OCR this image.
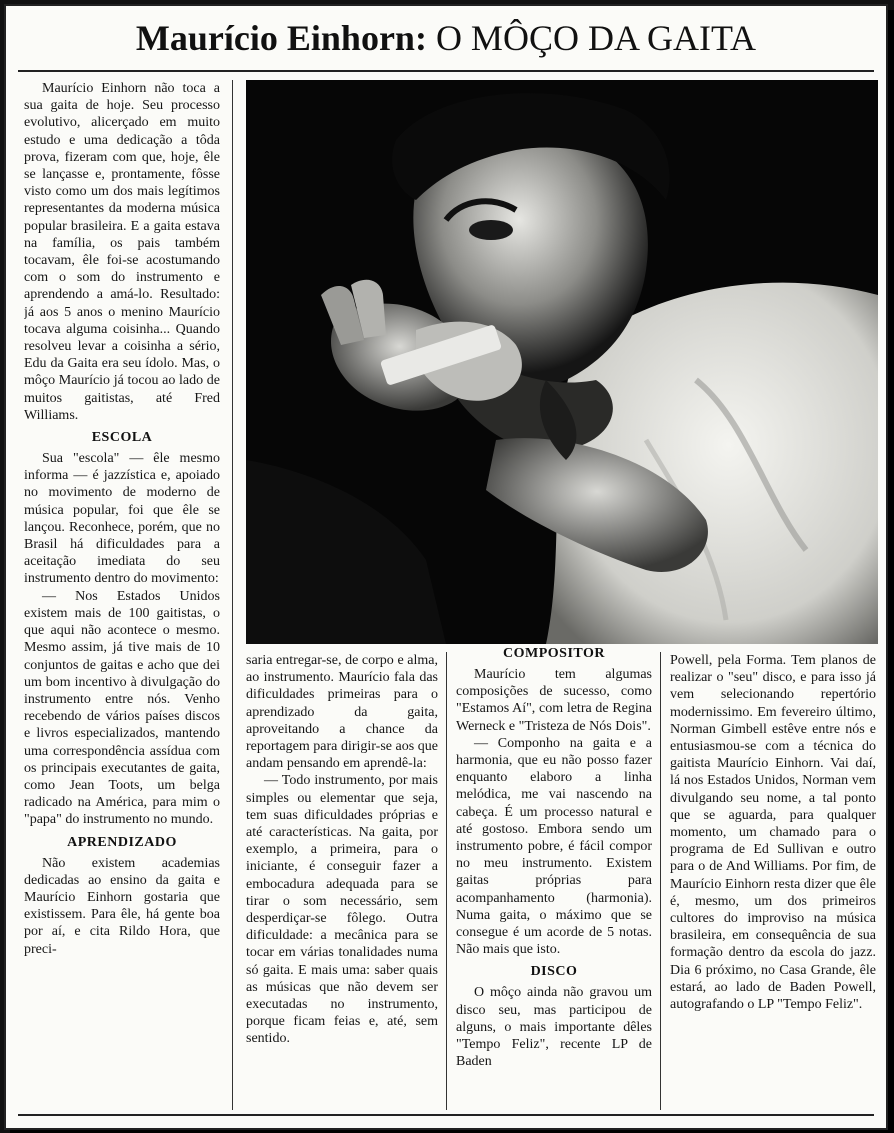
Maurício Einhorn: O MÔÇO DA GAITA

Maurício Einhorn não toca a sua gaita de hoje. Seu processo evolutivo, alicerçado em muito estudo e uma dedicação a tôda prova, fizeram com que, hoje, êle se lançasse e, prontamente, fôsse visto como um dos mais legítimos representantes da moderna música popular brasileira. E a gaita estava na família, os pais também tocavam, êle foi-se acostumando com o som do instrumento e aprendendo a amá-lo. Resultado: já aos 5 anos o menino Maurício tocava alguma coisinha... Quando resolveu levar a coisinha a sério, Edu da Gaita era seu ídolo. Mas, o môço Maurício já tocou ao lado de muitos gaitistas, até Fred Williams.

ESCOLA

Sua "escola" — êle mesmo informa — é jazzística e, apoiado no movimento de moderno de música popular, foi que êle se lançou. Reconhece, porém, que no Brasil há dificuldades para a aceitação imediata do seu instrumento dentro do movimento:

— Nos Estados Unidos existem mais de 100 gaitistas, o que aqui não acontece o mesmo. Mesmo assim, já tive mais de 10 conjuntos de gaitas e acho que dei um bom incentivo à divulgação do instrumento entre nós. Venho recebendo de vários países discos e livros especializados, mantendo uma correspondência assídua com os principais executantes de gaita, como Jean Toots, um belga radicado na América, para mim o "papa" do instrumento no mundo.

APRENDIZADO

Não existem academias dedicadas ao ensino da gaita e Maurício Einhorn gostaria que existissem. Para êle, há gente boa por aí, e cita Rildo Hora, que preci-

saria entregar-se, de corpo e alma, ao instrumento. Maurício fala das dificuldades primeiras para o aprendizado da gaita, aproveitando a chance da reportagem para dirigir-se aos que andam pensando em aprendê-la:

— Todo instrumento, por mais simples ou elementar que seja, tem suas dificuldades próprias e até características. Na gaita, por exemplo, a primeira, para o iniciante, é conseguir fazer a embocadura adequada para se tirar o som necessário, sem desperdiçar-se fôlego. Outra dificuldade: a mecânica para se tocar em várias tonalidades numa só gaita. E mais uma: saber quais as músicas que não devem ser executadas no instrumento, porque ficam feias e, até, sem sentido.

COMPOSITOR

Maurício tem algumas composições de sucesso, como "Estamos Aí", com letra de Regina Werneck e "Tristeza de Nós Dois".

— Componho na gaita e a harmonia, que eu não posso fazer enquanto elaboro a linha melódica, me vai nascendo na cabeça. É um processo natural e até gostoso. Embora sendo um instrumento pobre, é fácil compor no meu instrumento. Existem gaitas próprias para acompanhamento (harmonia). Numa gaita, o máximo que se consegue é um acorde de 5 notas. Não mais que isto.

DISCO

O môço ainda não gravou um disco seu, mas participou de alguns, o mais importante dêles "Tempo Feliz", recente LP de Baden

Powell, pela Forma. Tem planos de realizar o "seu" disco, e para isso já vem selecionando repertório modernissimo. Em fevereiro último, Norman Gimbell estêve entre nós e entusiasmou-se com a técnica do gaitista Maurício Einhorn. Vai daí, lá nos Estados Unidos, Norman vem divulgando seu nome, a tal ponto que se aguarda, para qualquer momento, um chamado para o programa de Ed Sullivan e outro para o de And Williams. Por fim, de Maurício Einhorn resta dizer que êle é, mesmo, um dos primeiros cultores do improviso na música brasileira, em consequência de sua formação dentro da escola do jazz. Dia 6 próximo, no Casa Grande, êle estará, ao lado de Baden Powell, autografando o LP "Tempo Feliz".
